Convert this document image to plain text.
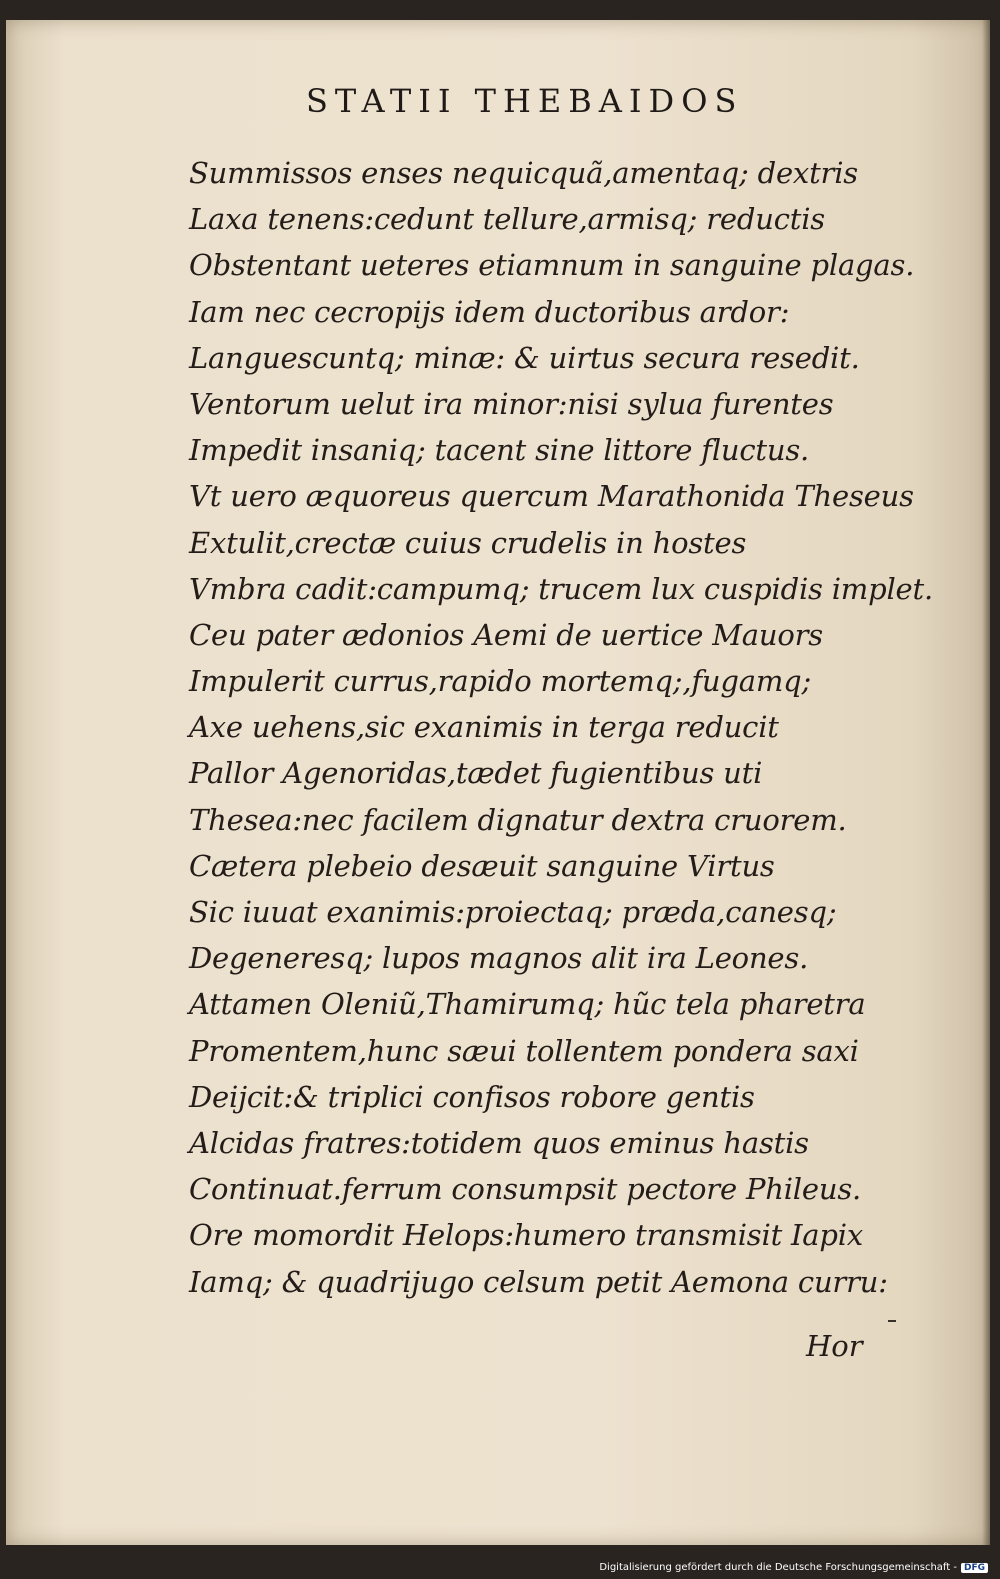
STATII THEBAIDOS
Summissos enses nequicquã,amentaq; dextris
Laxa tenens:cedunt tellure,armisq; reductis
Obstentant ueteres etiamnum in sanguine plagas.
Iam nec cecropijs idem ductoribus ardor:
Languescuntq; minæ: & uirtus secura resedit.
Ventorum uelut ira minor:nisi sylua furentes
Impedit insaniq; tacent sine littore fluctus.
Vt uero æquoreus quercum Marathonida Theseus
Extulit,crectæ cuius crudelis in hostes
Vmbra cadit:campumq; trucem lux cuspidis implet.
Ceu pater ædonios Aemi de uertice Mauors
Impulerit currus,rapido mortemq;,fugamq;
Axe uehens,sic exanimis in terga reducit
Pallor Agenoridas,tædet fugientibus uti
Thesea:nec facilem dignatur dextra cruorem.
Cætera plebeio desæuit sanguine Virtus
Sic iuuat exanimis:proiectaq; præda,canesq;
Degeneresq; lupos magnos alit ira Leones.
Attamen Oleniũ,Thamirumq; hũc tela pharetra
Promentem,hunc sæui tollentem pondera saxi
Deijcit:& triplici confisos robore gentis
Alcidas fratres:totidem quos eminus hastis
Continuat.ferrum consumpsit pectore Phileus.
Ore momordit Helops:humero transmisit Iapix
Iamq; & quadrijugo celsum petit Aemona curru:
Hor
Digitalisierung gefördert durch die Deutsche Forschungsgemeinschaft - DFG
